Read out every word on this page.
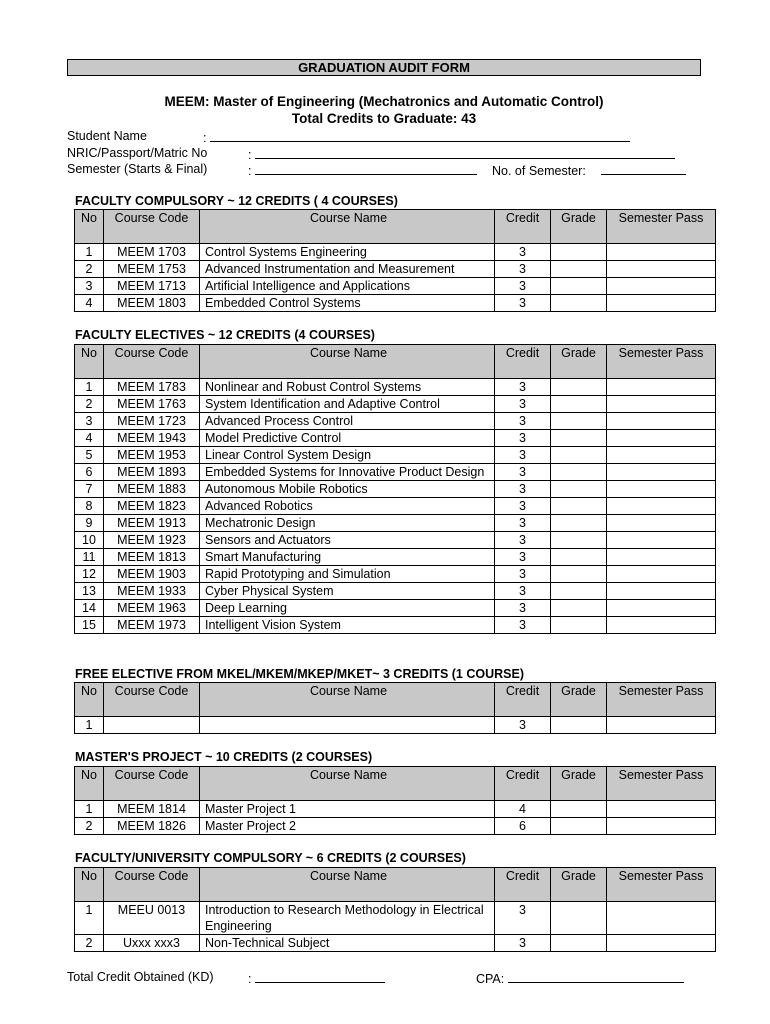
GRADUATION AUDIT FORM
MEEM: Master of Engineering (Mechatronics and Automatic Control)
Total Credits to Graduate: 43
Student Name	:
NRIC/Passport/Matric No	:
Semester (Starts & Final)	:	No. of Semester:
FACULTY COMPULSORY ~ 12 CREDITS ( 4 COURSES)
No	Course Code	Course Name	Credit	Grade	Semester Pass
1	MEEM 1703	Control Systems Engineering	3		
2	MEEM 1753	Advanced Instrumentation and Measurement	3		
3	MEEM 1713	Artificial Intelligence and Applications	3		
4	MEEM 1803	Embedded Control Systems	3		
FACULTY ELECTIVES ~ 12 CREDITS (4 COURSES)
No	Course Code	Course Name	Credit	Grade	Semester Pass
1	MEEM 1783	Nonlinear and Robust Control Systems	3		
2	MEEM 1763	System Identification and Adaptive Control	3		
3	MEEM 1723	Advanced Process Control	3		
4	MEEM 1943	Model Predictive Control	3		
5	MEEM 1953	Linear Control System Design	3		
6	MEEM 1893	Embedded Systems for Innovative Product Design	3		
7	MEEM 1883	Autonomous Mobile Robotics	3		
8	MEEM 1823	Advanced Robotics	3		
9	MEEM 1913	Mechatronic Design	3		
10	MEEM 1923	Sensors and Actuators	3		
11	MEEM 1813	Smart Manufacturing	3		
12	MEEM 1903	Rapid Prototyping and Simulation	3		
13	MEEM 1933	Cyber Physical System	3		
14	MEEM 1963	Deep Learning	3		
15	MEEM 1973	Intelligent Vision System	3		
FREE ELECTIVE FROM MKEL/MKEM/MKEP/MKET~ 3 CREDITS (1 COURSE)
No	Course Code	Course Name	Credit	Grade	Semester Pass
1			3		
MASTER'S PROJECT ~ 10 CREDITS (2 COURSES)
No	Course Code	Course Name	Credit	Grade	Semester Pass
1	MEEM 1814	Master Project 1	4		
2	MEEM 1826	Master Project 2	6		
FACULTY/UNIVERSITY COMPULSORY ~ 6 CREDITS (2 COURSES)
No	Course Code	Course Name	Credit	Grade	Semester Pass
1	MEEU 0013	Introduction to Research Methodology in Electrical Engineering	3		
2	Uxxx xxx3	Non-Technical Subject	3		
Total Credit Obtained (KD)	:	CPA:
